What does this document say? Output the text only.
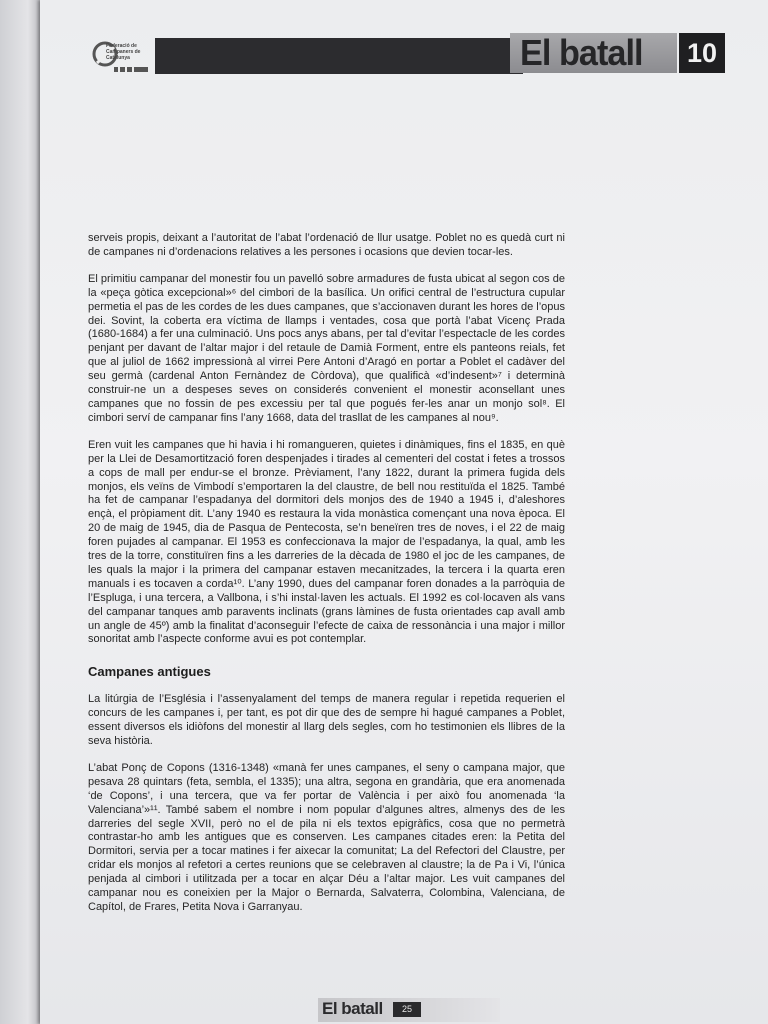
Federació de Campaners de Catalunya	El batall 10

serveis propis, deixant a l’autoritat de l’abat l’ordenació de llur usatge. Poblet no es quedà curt ni de campanes ni d’ordenacions relatives a les persones i ocasions que devien tocar-les.

El primitiu campanar del monestir fou un pavelló sobre armadures de fusta ubicat al segon cos de la «peça gòtica excepcional»⁶ del cimbori de la basílica. Un orifici central de l’estructura cupular permetia el pas de les cordes de les dues campanes, que s’accionaven durant les hores de l’opus dei. Sovint, la coberta era víctima de llamps i ventades, cosa que portà l’abat Vicenç Prada (1680-1684) a fer una culminació. Uns pocs anys abans, per tal d’evitar l’espectacle de les cordes penjant per davant de l’altar major i del retaule de Damià Forment, entre els panteons reials, fet que al juliol de 1662 impressionà al virrei Pere Antoni d’Aragó en portar a Poblet el cadàver del seu germà (cardenal Anton Fernàndez de Còrdova), que qualificà «d’indesent»⁷ i determinà construir-ne un a despeses seves on considerés convenient el monestir aconsellant unes campanes que no fossin de pes excessiu per tal que pogués fer-les anar un monjo sol⁸. El cimbori serví de campanar fins l’any 1668, data del trasllat de les campanes al nou⁹.

Eren vuit les campanes que hi havia i hi romangueren, quietes i dinàmiques, fins el 1835, en què per la Llei de Desamortització foren despenjades i tirades al cementeri del costat i fetes a trossos a cops de mall per endur-se el bronze. Prèviament, l’any 1822, durant la primera fugida dels monjos, els veïns de Vimbodí s’emportaren la del claustre, de bell nou restituïda el 1825. També ha fet de campanar l’espadanya del dormitori dels monjos des de 1940 a 1945 i, d’aleshores ençà, el pròpiament dit. L’any 1940 es restaura la vida monàstica començant una nova època. El 20 de maig de 1945, dia de Pasqua de Pentecosta, se’n beneïren tres de noves, i el 22 de maig foren pujades al campanar. El 1953 es confeccionava la major de l’espadanya, la qual, amb les tres de la torre, constituïren fins a les darreries de la dècada de 1980 el joc de les campanes, de les quals la major i la primera del campanar estaven mecanitzades, la tercera i la quarta eren manuals i es tocaven a corda¹⁰. L’any 1990, dues del campanar foren donades a la parròquia de l’Espluga, i una tercera, a Vallbona, i s’hi instal·laven les actuals. El 1992 es col·locaven als vans del campanar tanques amb paravents inclinats (grans làmines de fusta orientades cap avall amb un angle de 45º) amb la finalitat d’aconseguir l’efecte de caixa de ressonància i una major i millor sonoritat amb l’aspecte conforme avui es pot contemplar.

Campanes antigues

La litúrgia de l’Església i l’assenyalament del temps de manera regular i repetida requerien el concurs de les campanes i, per tant, es pot dir que des de sempre hi hagué campanes a Poblet, essent diversos els idiòfons del monestir al llarg dels segles, com ho testimonien els llibres de la seva història.

L’abat Ponç de Copons (1316-1348) «manà fer unes campanes, el seny o campana major, que pesava 28 quintars (feta, sembla, el 1335); una altra, segona en grandària, que era anomenada ‘de Copons’, i una tercera, que va fer portar de València i per això fou anomenada ‘la Valenciana’»¹¹. També sabem el nombre i nom popular d’algunes altres, almenys des de les darreries del segle XVII, però no el de pila ni els textos epigràfics, cosa que no permetrà contrastar-ho amb les antigues que es conserven. Les campanes citades eren: la Petita del Dormitori, servia per a tocar matines i fer aixecar la comunitat; La del Refectori del Claustre, per cridar els monjos al refetori a certes reunions que se celebraven al claustre; la de Pa i Vi, l’única penjada al cimbori i utilitzada per a tocar en alçar Déu a l’altar major. Les vuit campanes del campanar nou es coneixien per la Major o Bernarda, Salvaterra, Colombina, Valenciana, de Capítol, de Frares, Petita Nova i Garranyau.

El batall	25
